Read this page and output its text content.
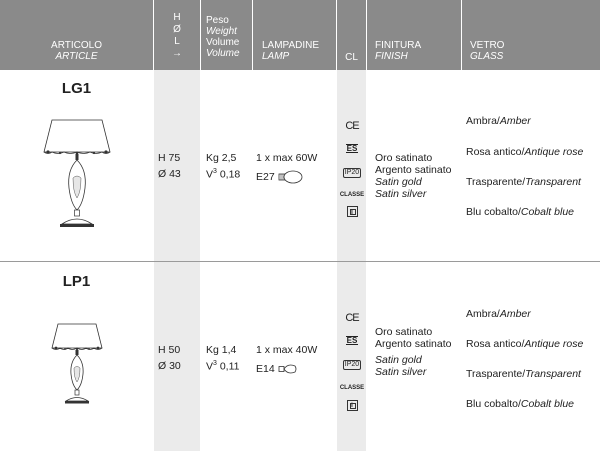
ARTICOLO
ARTICLE
H
Ø
L
→
Peso
Weight
Volume
Volume
LAMPADINE
LAMP	CL
FINITURA
FINISH
VETRO
GLASS
LG1
H 75
Ø 43
Kg 2,5
$V^3$ 0,18
1 x max 60W
E27
CE
ES
IP20
CLASSE I
Oro satinato
Argento satinato
Satin gold
Satin silver
Ambra/Amber
Rosa antico/Antique rose
Trasparente/Transparent
Blu cobalto/Cobalt blue
LP1
H 50
Ø 30
Kg 1,4
$V^3$ 0,11
1 x max 40W
E14
CE
ES
IP20
CLASSE I
Oro satinato
Argento satinato
Satin gold
Satin silver
Ambra/Amber
Rosa antico/Antique rose
Trasparente/Transparent
Blu cobalto/Cobalt blue
